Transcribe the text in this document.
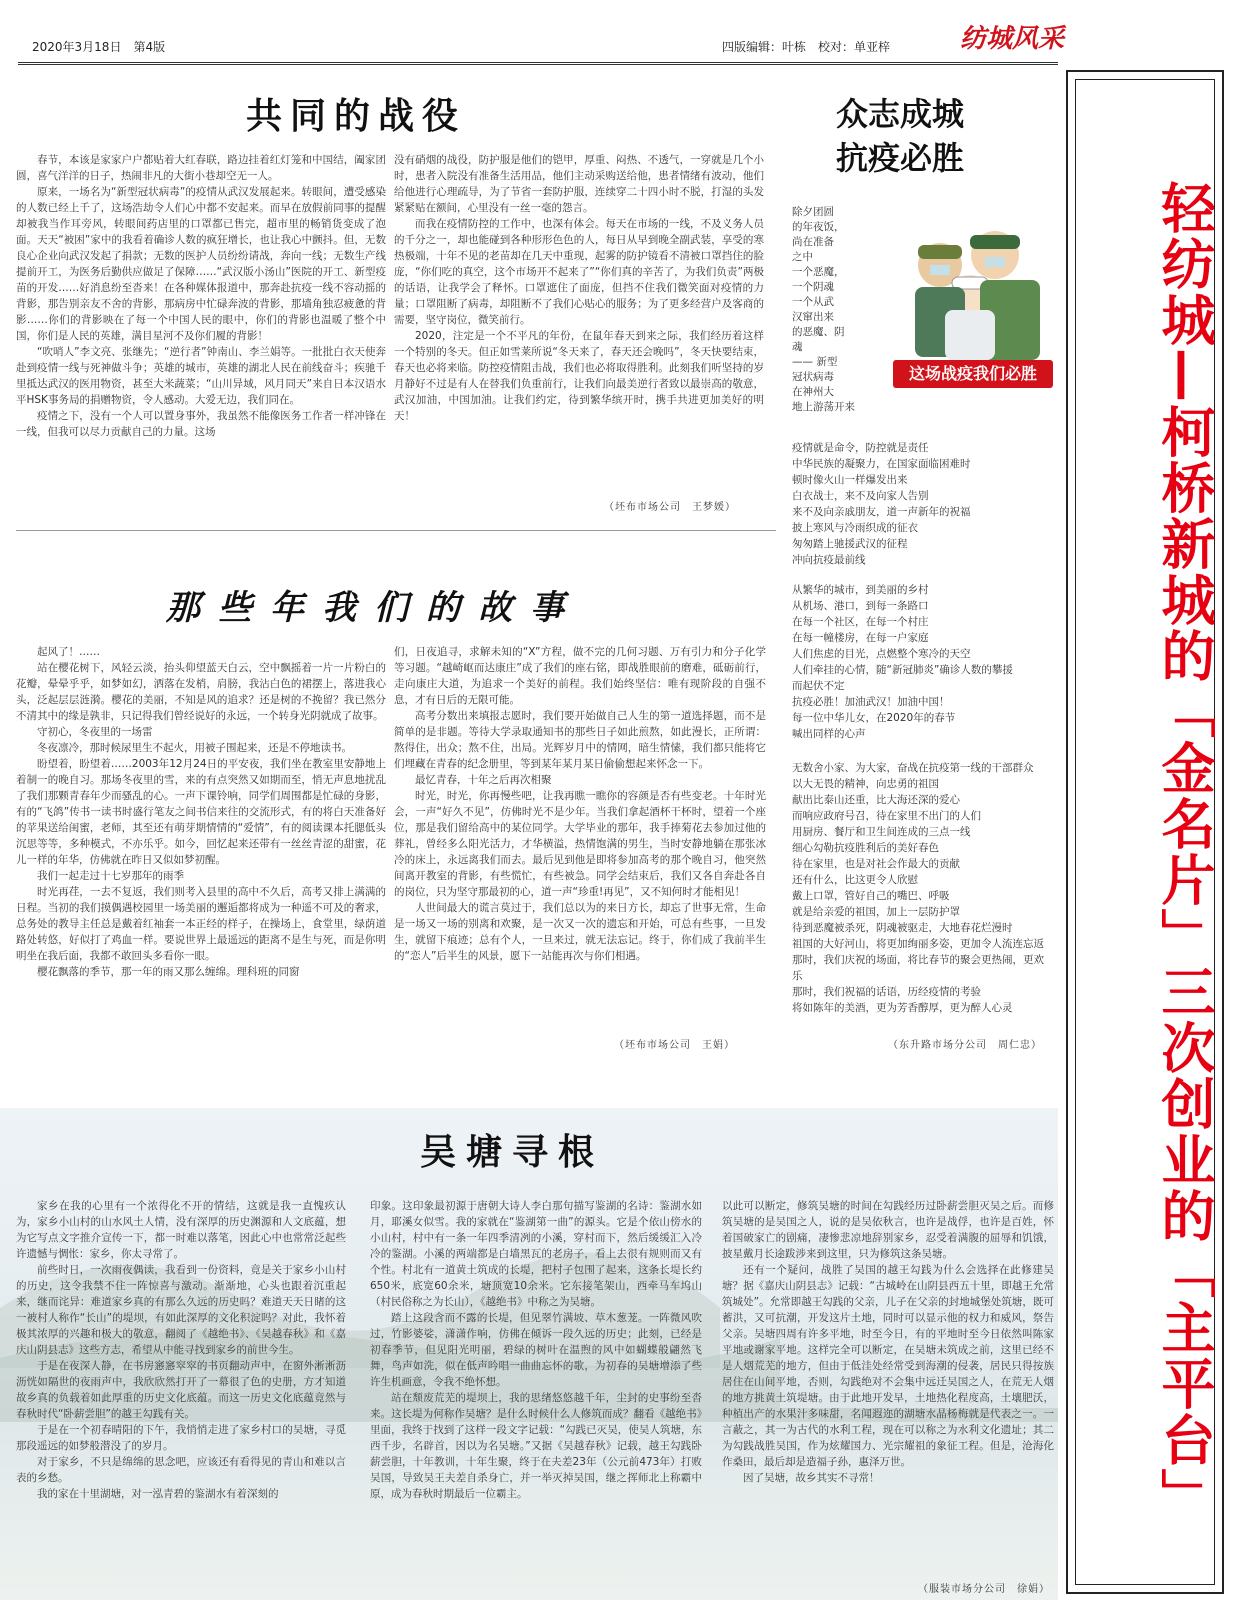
2020年3月18日　第4版	四版编辑：叶栋　校对：单亚梓	纺城风采
轻纺城—柯桥新城的「金名片」三次创业的「主平台」
共同的战役

春节，本该是家家户户都贴着大红春联，路边挂着红灯笼和中国结，阖家团圆，喜气洋洋的日子，热闹非凡的大街小巷却空无一人。

原来，一场名为“新型冠状病毒”的疫情从武汉发展起来。转眼间，遭受感染的人数已经上千了，这场浩劫令人们心中都不安起来。而早在放假前同事的提醒却被我当作耳旁风，转眼间药店里的口罩都已售完，超市里的畅销货变成了泡面。天天“被困”家中的我看着确诊人数的疯狂增长，也让我心中颤抖。但，无数良心企业向武汉发起了捐款；无数的医护人员纷纷请战，奔向一线；无数生产线提前开工，为医务后勤供应做足了保障……“武汉版小汤山”医院的开工、新型疫苗的开发……好消息纷至沓来！在各种媒体报道中，那奔赴抗疫一线不容动摇的背影，那告别亲友不舍的背影，那病房中忙碌奔波的背影，那墙角独忍疲惫的背影……你们的背影映在了每一个中国人民的眼中，你们的背影也温暖了整个中国，你们是人民的英雄，满目星河不及你们履的背影！

“吹哨人”李文亮、张继先；“逆行者”钟南山、李兰娟等。一批批白衣天使奔赴到疫情一线与死神做斗争；英雄的城市，英雄的湖北人民在前线奋斗；疾驰千里抵达武汉的医用物资，甚至大米蔬菜；“山川异域，风月同天”来自日本汉语水平HSK事务局的捐赠物资，令人感动。大爱无边，我们同在。

疫情之下，没有一个人可以置身事外，我虽然不能像医务工作者一样冲锋在一线，但我可以尽力贡献自己的力量。这场

没有硝烟的战役，防护服是他们的铠甲，厚重、闷热、不透气，一穿就是几个小时，患者入院没有准备生活用品，他们主动采购送给他，患者情绪有波动，他们给他进行心理疏导，为了节省一套防护服，连续穿二十四小时不脱，打湿的头发紧紧贴在额间，心里没有一丝一毫的怨言。

而我在疫情防控的工作中，也深有体会。每天在市场的一线，不及义务人员的千分之一，却也能碰到各种形形色色的人，每日从早到晚全副武装，享受的寒热极端，十年不见的老苗却在几天中重现，起雾的防护镜看不清被口罩挡住的脸庞，“你们吃的真空，这个市场开不起来了”“你们真的辛苦了，为我们负责”两极的话语，让我学会了释怀。口罩遮住了面庞，但挡不住我们微笑面对疫情的力量；口罩阻断了病毒，却阻断不了我们心贴心的服务；为了更多经营户及客商的需要，坚守岗位，微笑前行。

2020，注定是一个不平凡的年份，在鼠年春天到来之际，我们经历着这样一个特别的冬天。但正如雪莱所说“冬天来了，春天还会晚吗”，冬天快要结束，春天也必将来临。防控疫情阻击战，我们也必将取得胜利。此刻我们听坚持的岁月静好不过是有人在替我们负重前行，让我们向最美逆行者致以最崇高的敬意，武汉加油，中国加油。让我们约定，待到繁华缤开时，携手共进更加美好的明天！

（坯布市场公司　王梦媛）
众志成城
抗疫必胜
除夕团圆
的年夜饭，
尚在准备
之中
一个恶魔，
一个阴魂
一个从武
汉窜出来
的恶魔、阴
魂
—— 新型
冠状病毒
在神州大
地上游荡开来
这场战疫我们必胜
疫情就是命令，防控就是责任
中华民族的凝聚力，在国家面临困难时
顿时像火山一样爆发出来
白衣战士，来不及向家人告别
来不及向亲戚朋友，道一声新年的祝福
披上寒风与冷雨织成的征衣
匆匆踏上驰援武汉的征程
冲向抗疫最前线
从繁华的城市，到美丽的乡村
从机场、港口，到每一条路口
在每一个社区，在每一个村庄
在每一幢楼房，在每一户家庭
人们焦虑的目光，点燃整个寒冷的天空
人们牵挂的心情，随“新冠肺炎”确诊人数的攀援
而起伏不定
抗疫必胜！加油武汉！加油中国！
每一位中华儿女，在2020年的春节
喊出同样的心声
无数舍小家、为大家，奋战在抗疫第一线的干部群众
以大无畏的精神，向忠勇的祖国
献出比泰山还重，比大海还深的爱心
而响应政府号召，待在家里不出门的人们
用厨房、餐厅和卫生间连成的三点一线
细心勾勒抗疫胜利后的美好春色
待在家里，也是对社会作最大的贡献
还有什么，比这更令人欣慰
戴上口罩，管好自己的嘴巴、呼吸
就是给亲爱的祖国，加上一层防护罩
待到恶魔被杀死，阴魂被驱走，大地春花烂漫时
祖国的大好河山，将更加绚丽多姿，更加令人流连忘返
那时，我们庆祝的场面，将比春节的聚会更热闹，更欢乐
那时，我们祝福的话语，历经疫情的考验
将如陈年的美酒，更为芳香醇厚，更为醉人心灵
（东升路市场分公司　周仁忠）
那些年我们的故事

起风了！……

站在樱花树下，风轻云淡，抬头仰望蓝天白云，空中飘摇着一片一片粉白的花瓣，晕晕乎乎，如梦如幻，洒落在发梢，肩膀，我沾白色的裙摆上，落进我心头，泛起层层涟漪。樱花的美丽，不知是风的追求？还是树的不挽留？我已然分不清其中的缘是孰非，只记得我们曾经说好的永远，一个转身光阴就成了故事。

守初心，冬夜里的一场雷

冬夜凛冷，那时候尿里生不起火，用被子围起来，还是不停地读书。

盼望着，盼望着……2003年12月24日的平安夜，我们坐在教室里安静地上着制一的晚自习。那场冬夜里的雪，来的有点突然又如期而至，悄无声息地扰乱了我们那颗青春年少而骚乱的心。一声下课铃响，同学们周围都是忙碌的身影，有的“飞鸽”传书一读书时盛行笔友之间书信来往的交流形式，有的将白天准备好的苹果送给闺蜜，老师，其至还有萌芽期情情的“爱情”，有的阅读课本托腮低头沉思等等，多种模式，不亦乐乎。如今，回忆起来还带有一丝丝青涩的甜蜜，花儿一样的年华，仿佛就在昨日又似如梦初醒。

我们一起走过十七岁那年的雨季

时光再荏，一去不复返，我们则考入县里的高中不久后，高考又排上满满的日程。当初的我们摸偶遇校园里一场美丽的邂逅都将成为一种遥不可及的奢求，总务处的教导主任总是戴着红袖套一本正经的样子，在操场上，食堂里，绿荫道路处转悠，好似打了鸡血一样。要说世界上最遥远的距离不是生与死，而是你明明坐在我后面，我都不敢回头多看你一眼。

樱花飘落的季节，那一年的雨又那么缠绵。理科班的同窗

们，日夜追寻，求解未知的“X”方程，做不完的几何习题、万有引力和分子化学等习题。“越崎岖而达康庄”成了我们的座右铭，即战胜眼前的磨难，砥砺前行，走向康庄大道，为追求一个美好的前程。我们始终坚信：唯有现阶段的自强不息，才有日后的无限可能。

高考分数出来填报志愿时，我们要开始做自己人生的第一道选择题，而不是简单的是非题。等待大学录取通知书的那些日子如此煎熬，如此漫长，正所谓：熬得住，出众；熬不住，出局。光辉岁月中的情网，暗生情愫，我们都只能将它们埋藏在青春的纪念册里，等到某年某月某日偷偷想起来怀念一下。

最忆青春，十年之后再次相聚

时光，时光，你再慢些吧，让我再瞧一瞧你的容颜是否有些变老。十年时光会，一声“好久不见”，仿佛时光不是少年。当我们拿起酒杯干杯时，望着一个座位，那是我们留给高中的某位同学。大学毕业的那年，我手捧菊花去参加过他的葬礼，曾经多么阳光活力，才华横溢，热情饱满的男生，当时安静地躺在那张冰冷的床上，永远离我们而去。最后见到他是即将参加高考的那个晚自习，他突然间离开教室的背影，有些慌忙，有些被急。同学会结束后，我们又各自奔赴各自的岗位，只为坚守那最初的心，道一声“珍重!再见”，又不知何时才能相见！

人世间最大的谎言莫过于，我们总以为的来日方长，却忘了世事无常，生命是一场又一场的别离和欢聚，是一次又一次的遗忘和开始，可总有些事，一旦发生，就留下痕迹；总有个人，一旦来过，就无法忘记。终于，你们成了我前半生的“恋人”后半生的风景，愿下一站能再次与你们相遇。

（坯布市场公司　王娟）
吴塘寻根

家乡在我的心里有一个浓得化不开的情结，这就是我一直愧疚认为，家乡小山村的山水风土人情，没有深厚的历史渊源和人文底蕴，想为它写点文字推介宣传一下，都一时难以落笔，因此心中也常常泛起些许遗憾与惆怅：家乡，你太寻常了。

前些时日，一次雨夜偶读，我看到一份资料，竟是关于家乡小山村的历史，这令我禁不住一阵惊喜与激动。渐渐地，心头也跟着沉重起来，继而诧异：难道家乡真的有那么久远的历史吗？难道天天日睹的这一被村人称作“长山”的堤坝，有如此深厚的文化积淀吗？对此，我怀着极其浓厚的兴趣和极大的敬意，翻阅了《越绝书》、《吴越春秋》和《嘉庆山阴县志》这些方志，希望从中能寻找到家乡的前世今生。

于是在夜深人静，在书房窸窸窣窣的书页翻动声中，在窗外淅淅沥沥恍如隔世的夜雨声中，我欣欣然打开了一幕很了色的史册，方才知道故乡真的负载着如此厚重的历史文化底蕴。而这一历史文化底蕴竟然与春秋时代“卧薪尝胆”的越王勾践有关。

于是在一个初春晴阳的下午，我悄悄走进了家乡村口的吴塘，寻觅那段遥远的如梦般潜没了的岁月。

对于家乡，不只是绵绵的思念吧，应该还有看得见的青山和难以言表的乡愁。

我的家在十里湖塘，对一泓青碧的鉴湖水有着深刻的

印象。这印象最初源于唐朝大诗人李白那句描写鉴湖的名诗：鉴湖水如月，耶溪女似雪。我的家就在“鉴湖第一曲”的源头。它是个依山傍水的小山村，村中有一条一年四季清冽的小溪，穿村而下，然后缓缓汇入冷冷的鉴湖。小溪的两端都是白墙黑瓦的老房子，看上去很有规则而又有个性。村北有一道黄土筑成的长堤，把村子包围了起来，这条长堤长约650米，底宽60余米，塘顶宽10余米。它东接笔架山，西牵马车坞山（村民俗称之为长山），《越绝书》中称之为吴塘。

踏上这段含而不露的长堤，但见翠竹满坡、草木葱茏。一阵微风吹过，竹影婆娑，潇潇作响，仿佛在倾诉一段久远的历史；此刻，已经是初春季节，但见阳光明丽，碧绿的树叶在温煦的风中如蝴蝶般翩然飞舞，鸟声如洗，似在低声吟唱一曲曲忘怀的歌，为初春的吴塘增添了些许生机画意，令我不绝怀想。

站在颓废荒芜的堤坝上，我的思绪悠悠越千年，尘封的史事纷至沓来。这长堤为何称作吴塘？是什么时候什么人修筑而成？翻看《越绝书》里面，我终于找到了这样一段文字记载：“勾践已灭吴，使吴人筑塘，东西千步，名辟首，因以为名吴塘。”又据《吴越春秋》记载，越王勾践卧薪尝胆，十年教训，十年生聚，终于在夫差23年（公元前473年）打败吴国，导致吴王夫差自杀身亡，并一举灭掉吴国，继之挥师北上称霸中原，成为春秋时期最后一位霸主。

以此可以断定，修筑吴塘的时间在勾践经历过卧薪尝胆灭吴之后。而修筑吴塘的是吴国之人，说的是吴依秋言，也许是战俘，也许是百姓，怀着国破家亡的剧痛，凄惨悲凉地辞别家乡，忍受着满腹的屈辱和饥饿，披星戴月长途跋涉来到这里，只为修筑这条吴塘。

还有一个疑问，战胜了吴国的越王勾践为什么会选择在此修建吴塘？据《嘉庆山阴县志》记载：“古城岭在山阴县西五十里，即越王允常筑城处”。允常即越王勾践的父亲，儿子在父亲的封地城堡处筑塘，既可蓄洪，又可抗潮，开发这片土地，同时可以显示他的权力和威风，祭告父亲。吴塘四周有许多平地，时至今日，有的平地时至今日依然叫陈家平地或谢家平地。这样完全可以断定，在吴塘未筑成之前，这里已经不是人烟荒芜的地方，但由于低洼处经常受到海潮的侵袭，居民只得按族居住在山间平地，否则，勾践绝对不会集中远迁吴国之人，在荒无人烟的地方挑黄土筑堤塘。由于此地开发早，土地热化程度高，土壤肥沃，种植出产的水果汁多味甜，名闻遐迩的湖塘水晶杨梅就是代表之一。一言蔽之，其一为古代的水利工程，现在可以称之为水利文化遗址；其二为勾践战胜吴国，作为炫耀国力、光宗耀祖的象征工程。但是，沧海化作桑田，最后却是造福子孙，惠泽万世。

因了吴塘，故乡其实不寻常！

（服装市场分公司　徐娟）
